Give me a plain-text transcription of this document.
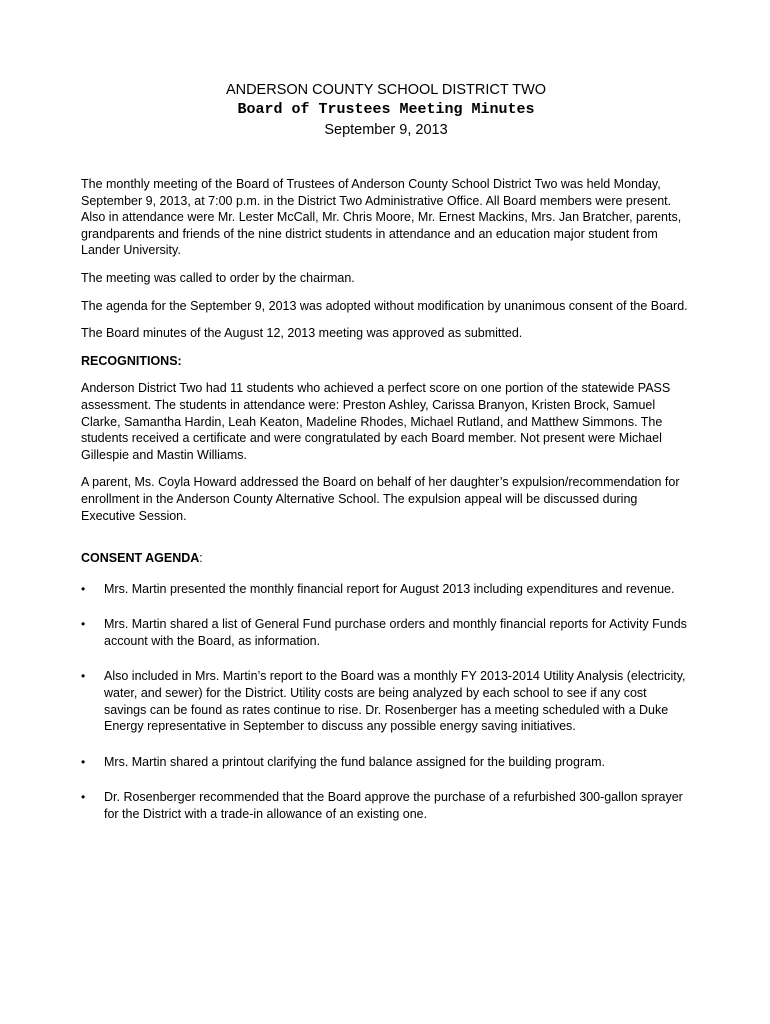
ANDERSON COUNTY SCHOOL DISTRICT TWO

Board of Trustees Meeting Minutes

September 9, 2013

The monthly meeting of the Board of Trustees of Anderson County School District Two was held Monday, September 9, 2013, at 7:00 p.m. in the District Two Administrative Office. All Board members were present. Also in attendance were Mr. Lester McCall, Mr. Chris Moore, Mr. Ernest Mackins, Mrs. Jan Bratcher, parents, grandparents and friends of the nine district students in attendance and an education major student from Lander University.

The meeting was called to order by the chairman.

The agenda for the September 9, 2013 was adopted without modification by unanimous consent of the Board.

The Board minutes of the August 12, 2013 meeting was approved as submitted.

RECOGNITIONS:

Anderson District Two had 11 students who achieved a perfect score on one portion of the statewide PASS assessment. The students in attendance were: Preston Ashley, Carissa Branyon, Kristen Brock, Samuel Clarke, Samantha Hardin, Leah Keaton, Madeline Rhodes, Michael Rutland, and Matthew Simmons. The students received a certificate and were congratulated by each Board member. Not present were Michael Gillespie and Mastin Williams.

A parent, Ms. Coyla Howard addressed the Board on behalf of her daughter’s expulsion/recommendation for enrollment in the Anderson County Alternative School. The expulsion appeal will be discussed during Executive Session.

CONSENT AGENDA:

• Mrs. Martin presented the monthly financial report for August 2013 including expenditures and revenue.
• Mrs. Martin shared a list of General Fund purchase orders and monthly financial reports for Activity Funds account with the Board, as information.
• Also included in Mrs. Martin’s report to the Board was a monthly FY 2013-2014 Utility Analysis (electricity, water, and sewer) for the District. Utility costs are being analyzed by each school to see if any cost savings can be found as rates continue to rise. Dr. Rosenberger has a meeting scheduled with a Duke Energy representative in September to discuss any possible energy saving initiatives.
• Mrs. Martin shared a printout clarifying the fund balance assigned for the building program.
• Dr. Rosenberger recommended that the Board approve the purchase of a refurbished 300-gallon sprayer for the District with a trade-in allowance of an existing one.
